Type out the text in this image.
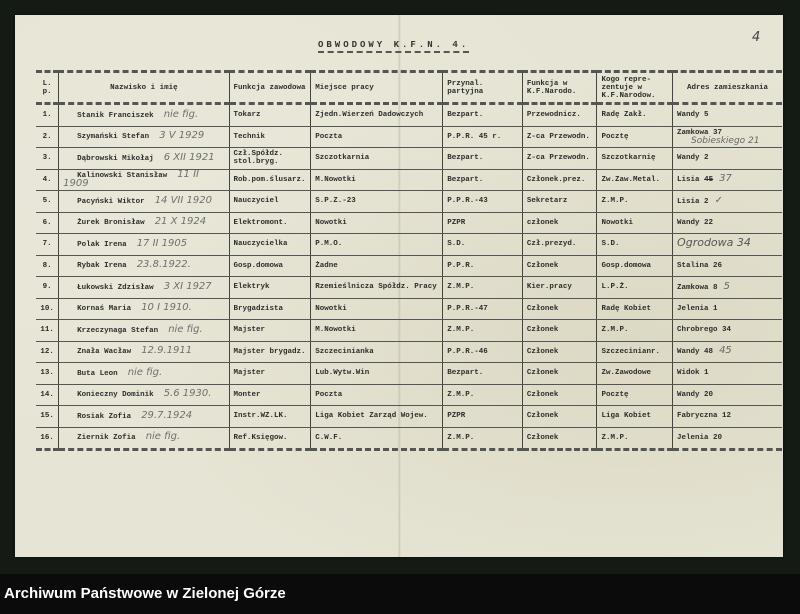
4
OBWODOWY K.F.N. 4.
L. p.	Nazwisko i imię	Funkcja zawodowa	Miejsce pracy	Przynal. partyjna	Funkcja w K.F.Narodo.	Kogo repre-zentuje w K.F.Narodow.	Adres zamieszkania
1.	Stanik Franciszek nie fig.	Tokarz	Zjedn.Wierzeń Dadowczych	Bezpart.	Przewodnicz.	Radę Zakł.	Wandy 5
2.	Szymański Stefan 3 V 1929	Technik	Poczta	P.P.R. 45 r.	Z-ca Przewodn.	Pocztę	Zamkowa 37
Sobieskiego 21

3.	Dąbrowski Mikołaj 6 XII 1921	Czł.Spółdz. stol.bryg.	Szczotkarnia	Bezpart.	Z-ca Przewodn.	Szczotkarnię	Wandy 2
4.	Kalinowski Stanisław 11 II 1909	Rob.pom.ślusarz.	M.Nowotki	Bezpart.	Członek.prez.	Zw.Zaw.Metal.	Lisia 45 37
5.	Pacyński Wiktor 14 VII 1920	Nauczyciel	S.P.Z.-23	P.P.R.-43	Sekretarz	Z.M.P.	Lisia 2 ✓
6.	Żurek Bronisław 21 X 1924	Elektromont.	Nowotki	PZPR	członek	Nowotki	Wandy 22
7.	Polak Irena 17 II 1905	Nauczycielka	P.M.O.	S.D.	Czł.prezyd.	S.D.	Ogrodowa 34
8.	Rybak Irena 23.8.1922.	Gosp.domowa	Żadne	P.P.R.	Członek	Gosp.domowa	Stalina 26
9.	Łukowski Zdzisław 3 XI 1927	Elektryk	Rzemieślnicza Spółdz. Pracy	Z.M.P.	Kier.pracy	L.P.Ż.	Zamkowa 8 5
10.	Kornaś Maria 10 I 1910.	Brygadzista	Nowotki	P.P.R.-47	Członek	Radę Kobiet	Jelenia 1
11.	Krzeczynaga Stefan nie fig.	Majster	M.Nowotki	Z.M.P.	Członek	Z.M.P.	Chrobrego 34
12.	Znała Wacław 12.9.1911	Majster brygadz.	Szczecinianka	P.P.R.-46	Członek	Szczecinianr.	Wandy 48 45
13.	Buta Leon nie fig.	Majster	Lub.Wytw.Win	Bezpart.	Członek	Zw.Zawodowe	Widok 1
14.	Konieczny Dominik 5.6 1930.	Monter	Poczta	Z.M.P.	Członek	Pocztę	Wandy 20
15.	Rosiak Zofia 29.7.1924	Instr.WZ.LK.	Liga Kobiet Zarząd Wojew.	PZPR	Członek	Liga Kobiet	Fabryczna 12
16.	Ziernik Zofia nie fig.	Ref.Księgow.	C.W.F.	Z.M.P.	Członek	Z.M.P.	Jelenia 20
Archiwum Państwowe w Zielonej Górze
